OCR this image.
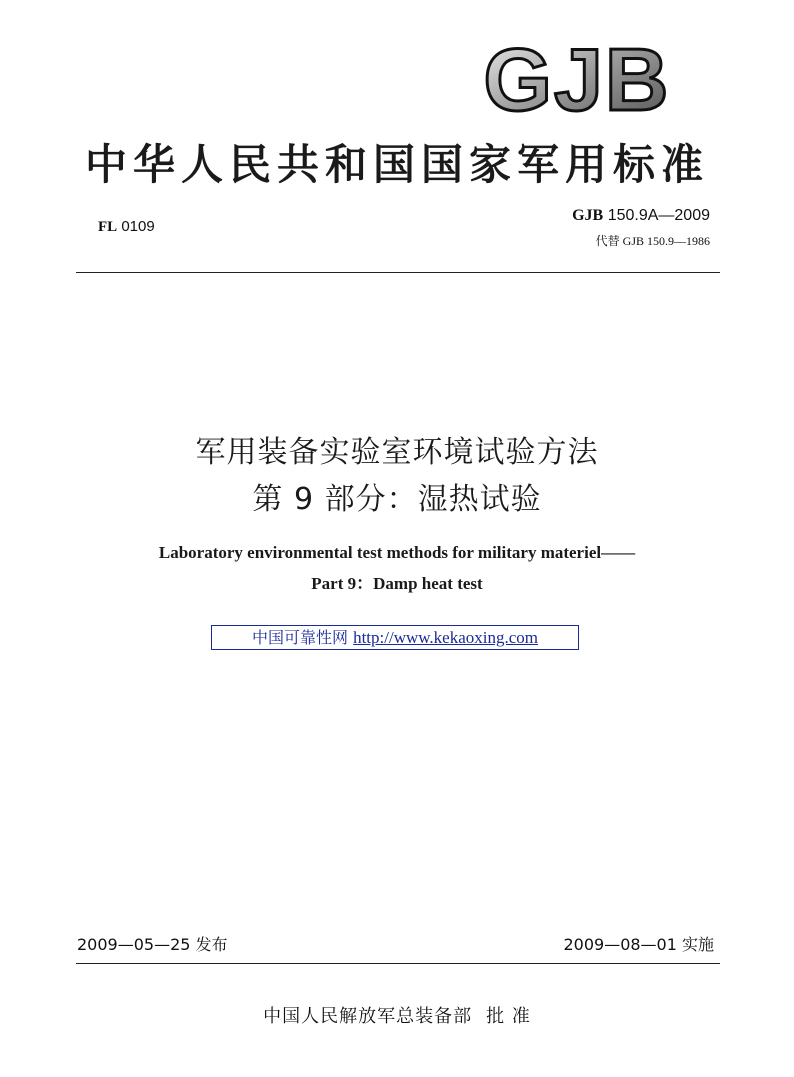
GJB
中华人民共和国国家军用标准
FL 0109
GJB 150.9A—2009
代替 GJB 150.9—1986
军用装备实验室环境试验方法
第 9 部分：湿热试验
Laboratory environmental test methods for military materiel——
Part 9：Damp heat test
中国可靠性网 http://www.kekaoxing.com
2009—05—25 发布	2009—08—01 实施
中国人民解放军总装备部 批 准
